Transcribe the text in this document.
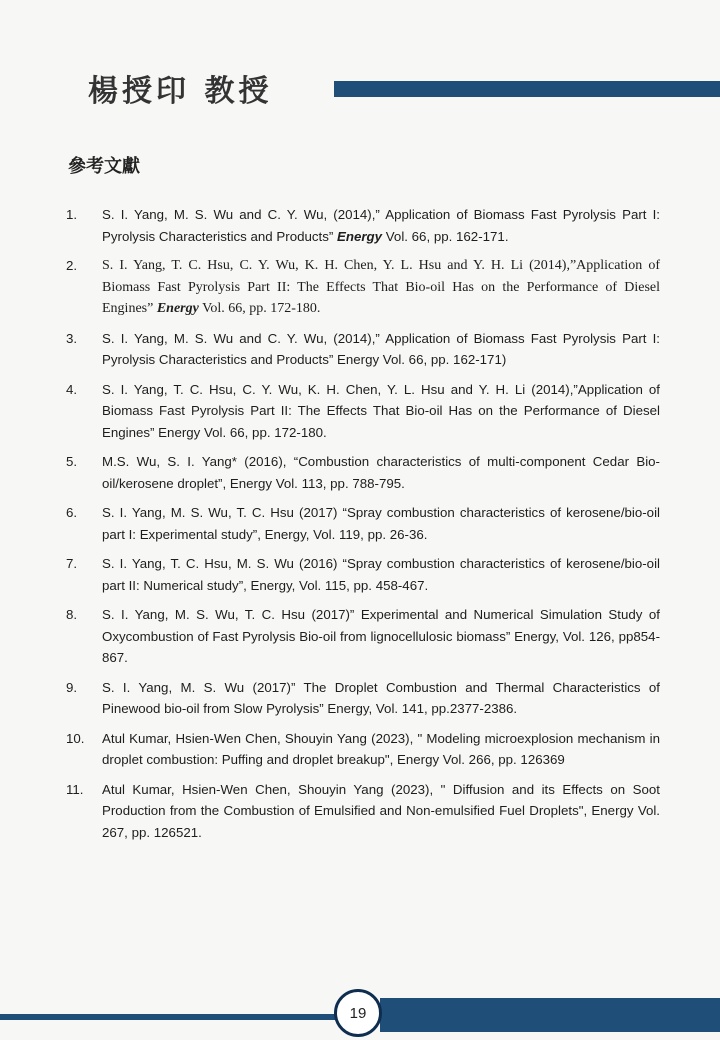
楊授印 教授
參考文獻
1.	S. I. Yang, M. S. Wu and C. Y. Wu, (2014),” Application of Biomass Fast Pyrolysis Part I: Pyrolysis Characteristics and Products” Energy Vol. 66, pp. 162-171.
2.	S. I. Yang, T. C. Hsu, C. Y. Wu, K. H. Chen, Y. L. Hsu and Y. H. Li (2014),”Application of Biomass Fast Pyrolysis Part II: The Effects That Bio-oil Has on the Performance of Diesel Engines” Energy Vol. 66, pp. 172-180.
3.	S. I. Yang, M. S. Wu and C. Y. Wu, (2014),” Application of Biomass Fast Pyrolysis Part I: Pyrolysis Characteristics and Products” Energy Vol. 66, pp. 162-171)
4.	S. I. Yang, T. C. Hsu, C. Y. Wu, K. H. Chen, Y. L. Hsu and Y. H. Li (2014),”Application of Biomass Fast Pyrolysis Part II: The Effects That Bio-oil Has on the Performance of Diesel Engines” Energy Vol. 66, pp. 172-180.
5.	M.S. Wu, S. I. Yang* (2016), “Combustion characteristics of multi-component Cedar Bio-oil/kerosene droplet”, Energy Vol. 113, pp. 788-795.
6.	S. I. Yang, M. S. Wu, T. C. Hsu (2017) “Spray combustion characteristics of kerosene/bio-oil part I: Experimental study”, Energy, Vol. 119, pp. 26-36.
7.	S. I. Yang, T. C. Hsu, M. S. Wu (2016) “Spray combustion characteristics of kerosene/bio-oil part II: Numerical study”, Energy, Vol. 115, pp. 458-467.
8.	S. I. Yang, M. S. Wu, T. C. Hsu (2017)” Experimental and Numerical Simulation Study of Oxycombustion of Fast Pyrolysis Bio-oil from lignocellulosic biomass” Energy, Vol. 126, pp854-867.
9.	S. I. Yang, M. S. Wu (2017)” The Droplet Combustion and Thermal Characteristics of Pinewood bio-oil from Slow Pyrolysis” Energy, Vol. 141, pp.2377-2386.
10.	Atul Kumar, Hsien-Wen Chen, Shouyin Yang (2023), " Modeling microexplosion mechanism in droplet combustion: Puffing and droplet breakup", Energy Vol. 266, pp. 126369
11.	Atul Kumar, Hsien-Wen Chen, Shouyin Yang (2023), " Diffusion and its Effects on Soot Production from the Combustion of Emulsified and Non-emulsified Fuel Droplets", Energy Vol. 267, pp. 126521.
19
